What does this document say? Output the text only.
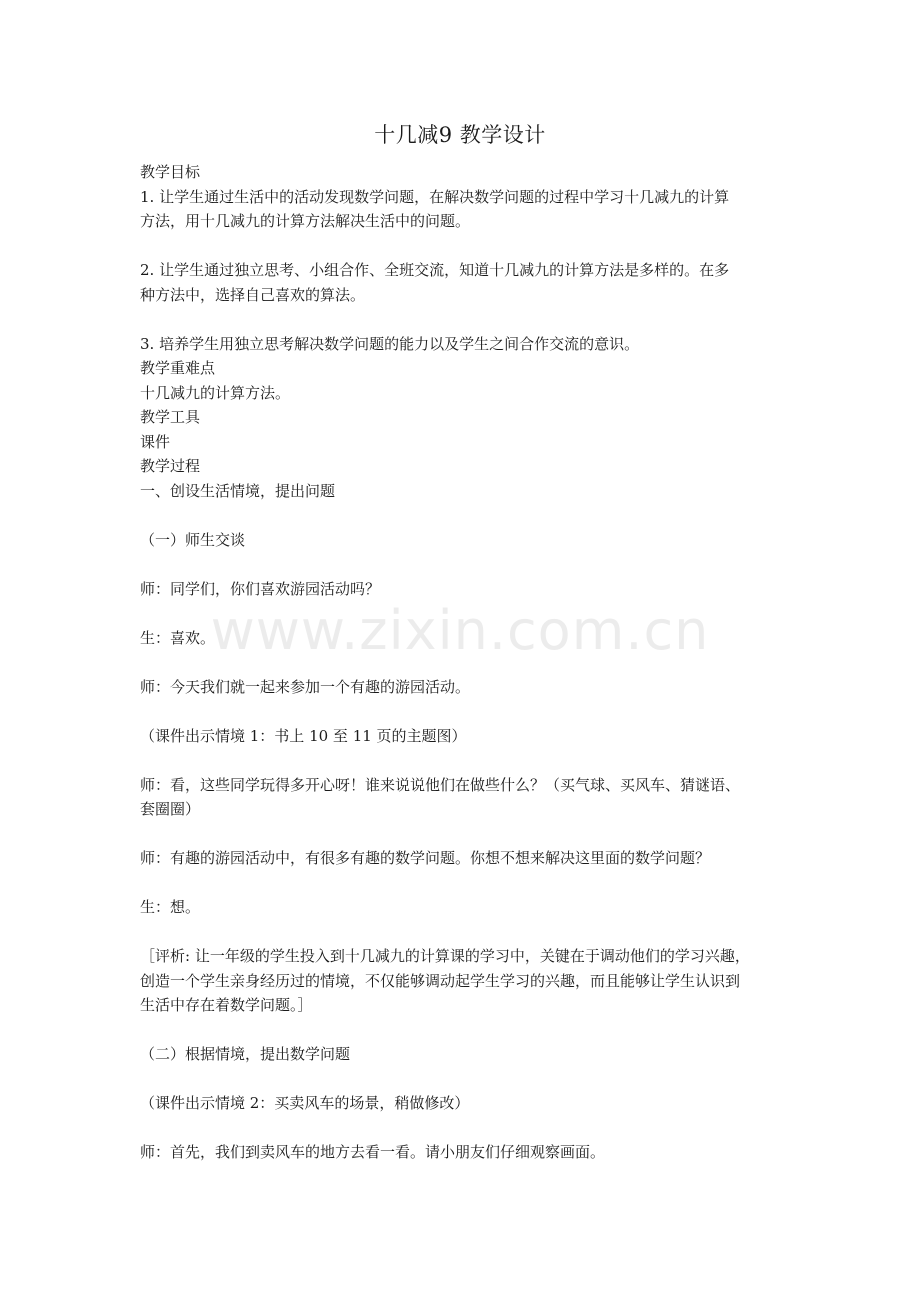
十几减9 教学设计

教学目标

1. 让学生通过生活中的活动发现数学问题，在解决数学问题的过程中学习十几减九的计算

方法，用十几减九的计算方法解决生活中的问题。

2. 让学生通过独立思考、小组合作、全班交流，知道十几减九的计算方法是多样的。在多

种方法中，选择自己喜欢的算法。

3. 培养学生用独立思考解决数学问题的能力以及学生之间合作交流的意识。

教学重难点

十几减九的计算方法。

教学工具

课件

教学过程

一、创设生活情境，提出问题

（一）师生交谈

师：同学们，你们喜欢游园活动吗？

生：喜欢。

师：今天我们就一起来参加一个有趣的游园活动。

（课件出示情境 1：书上 10 至 11 页的主题图）

师：看，这些同学玩得多开心呀！谁来说说他们在做些什么？（买气球、买风车、猜谜语、

套圈圈）

师：有趣的游园活动中，有很多有趣的数学问题。你想不想来解决这里面的数学问题？

生：想。

［评析: 让一年级的学生投入到十几减九的计算课的学习中，关键在于调动他们的学习兴趣，

创造一个学生亲身经历过的情境，不仅能够调动起学生学习的兴趣，而且能够让学生认识到

生活中存在着数学问题。］

（二）根据情境，提出数学问题

（课件出示情境 2：买卖风车的场景，稍做修改）

师：首先，我们到卖风车的地方去看一看。请小朋友们仔细观察画面。

www.zixin.com.cn
